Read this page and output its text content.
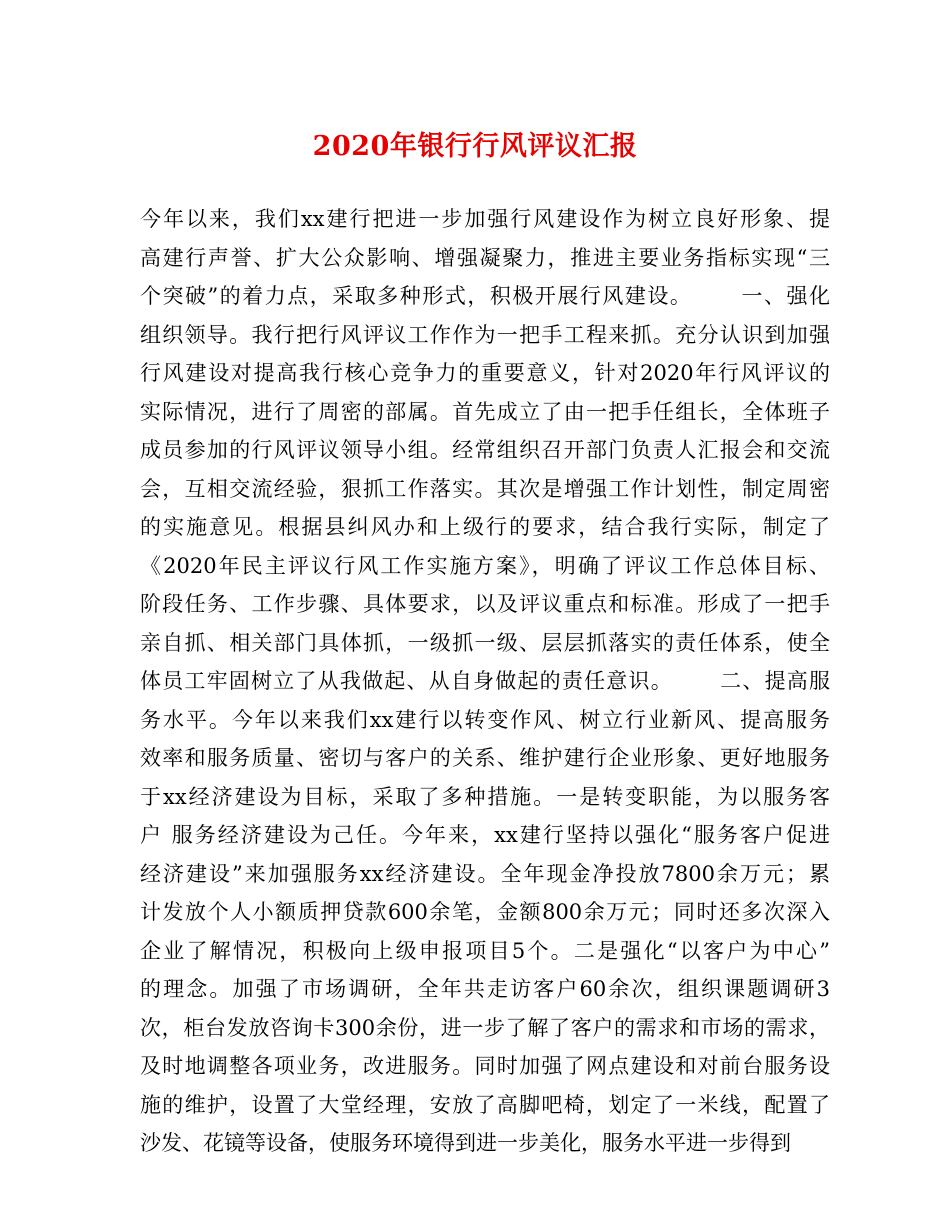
2020年银行行风评议汇报
今年以来，我们xx建行把进一步加强行风建设作为树立良好形象、提
高建行声誉、扩大公众影响、增强凝聚力，推进主要业务指标实现“三
个突破”的着力点，采取多种形式，积极开展行风建设。      一、强化
组织领导。我行把行风评议工作作为一把手工程来抓。充分认识到加强
行风建设对提高我行核心竞争力的重要意义，针对2020年行风评议的
实际情况，进行了周密的部属。首先成立了由一把手任组长，全体班子
成员参加的行风评议领导小组。经常组织召开部门负责人汇报会和交流
会，互相交流经验，狠抓工作落实。其次是增强工作计划性，制定周密
的实施意见。根据县纠风办和上级行的要求，结合我行实际，制定了
《2020年民主评议行风工作实施方案》，明确了评议工作总体目标、
阶段任务、工作步骤、具体要求，以及评议重点和标准。形成了一把手
亲自抓、相关部门具体抓，一级抓一级、层层抓落实的责任体系，使全
体员工牢固树立了从我做起、从自身做起的责任意识。      二、提高服
务水平。今年以来我们xx建行以转变作风、树立行业新风、提高服务
效率和服务质量、密切与客户的关系、维护建行企业形象、更好地服务
于xx经济建设为目标，采取了多种措施。一是转变职能，为以服务客
户 服务经济建设为己任。今年来，xx建行坚持以强化“服务客户促进
经济建设”来加强服务xx经济建设。全年现金净投放7800余万元；累
计发放个人小额质押贷款600余笔，金额800余万元；同时还多次深入
企业了解情况，积极向上级申报项目5个。二是强化“以客户为中心”
的理念。加强了市场调研，全年共走访客户60余次，组织课题调研3
次，柜台发放咨询卡300余份，进一步了解了客户的需求和市场的需求，
及时地调整各项业务，改进服务。同时加强了网点建设和对前台服务设
施的维护，设置了大堂经理，安放了高脚吧椅，划定了一米线，配置了
沙发、花镜等设备，使服务环境得到进一步美化，服务水平进一步得到
